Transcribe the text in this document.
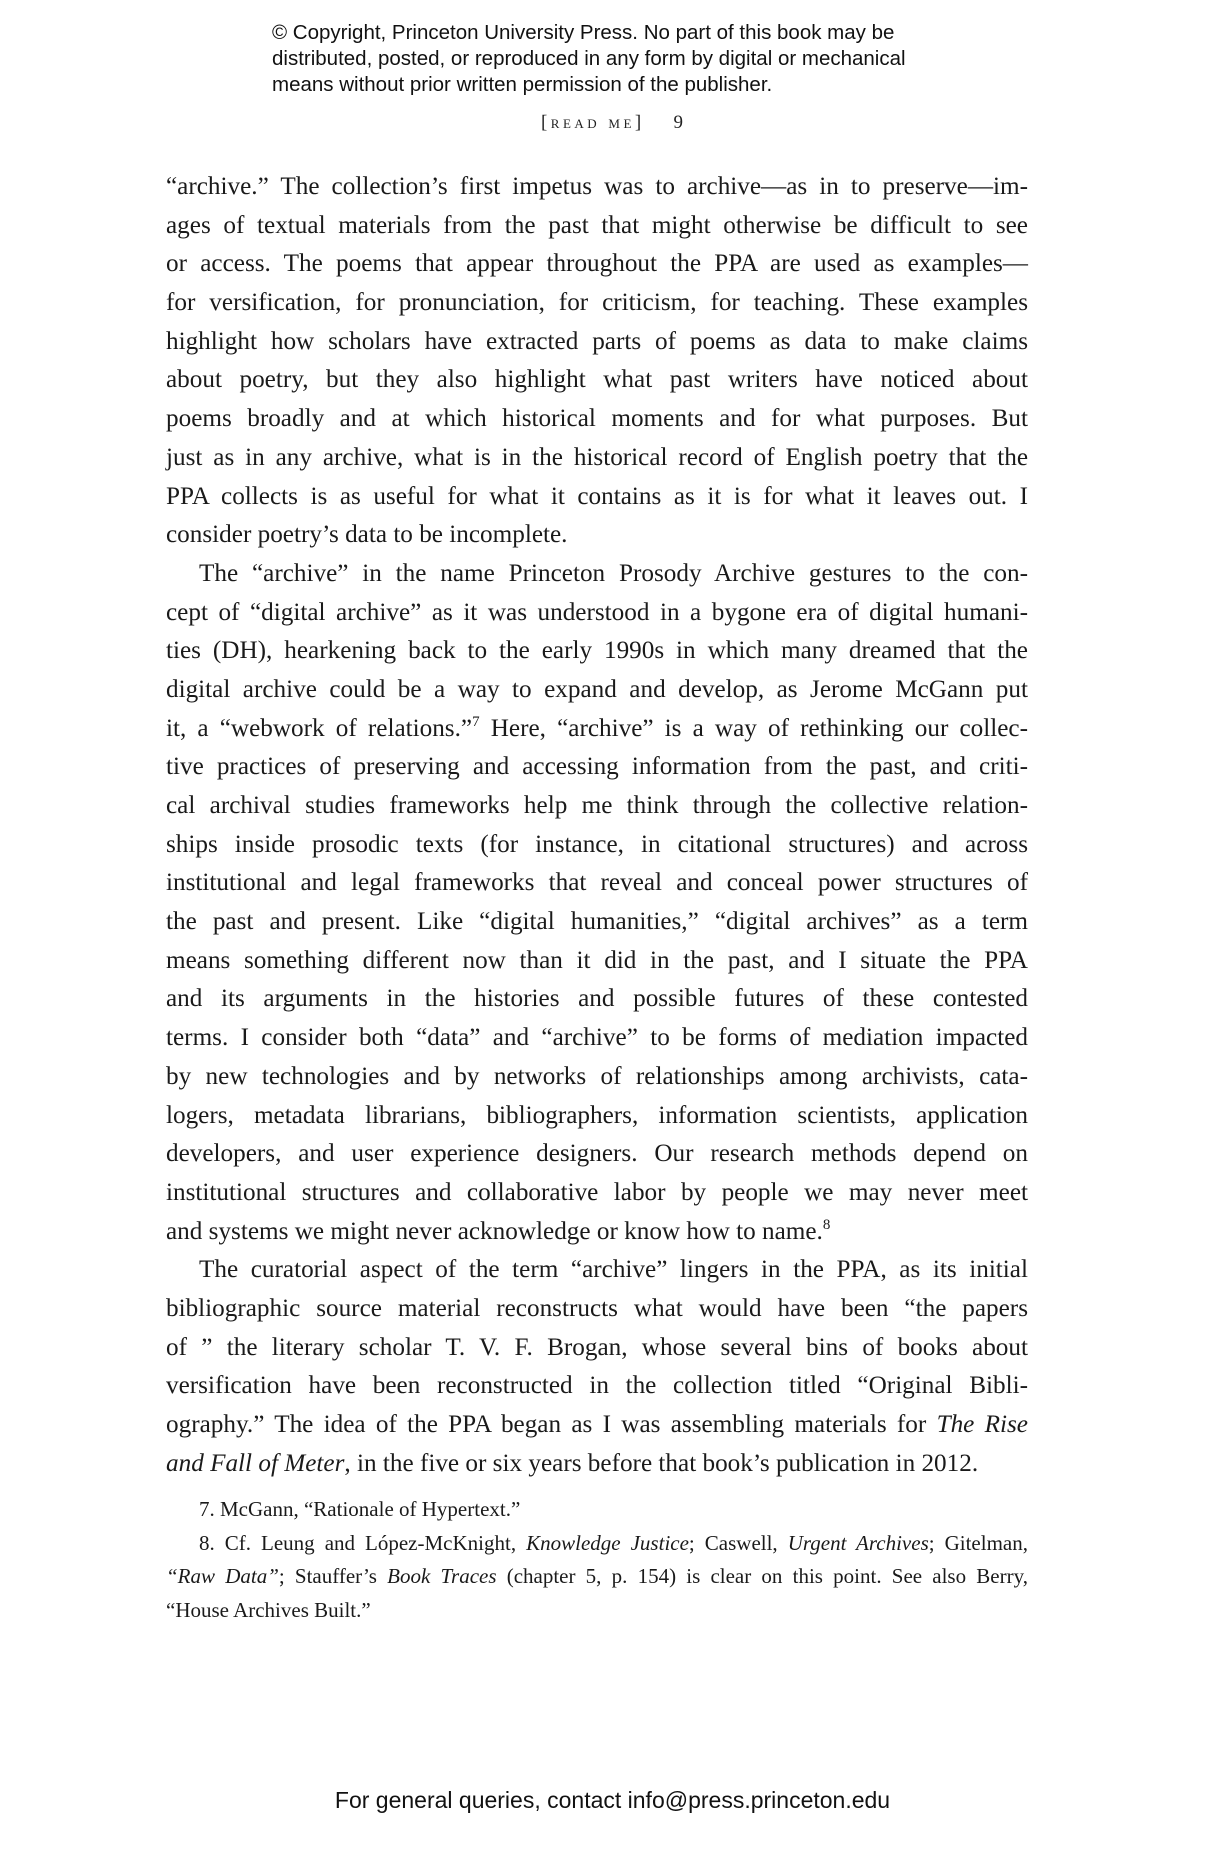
© Copyright, Princeton University Press. No part of this book may be
distributed, posted, or reproduced in any form by digital or mechanical
means without prior written permission of the publisher.
[read me] 9
“archive.” The collection’s first impetus was to archive—as in to preserve—im-
ages of textual materials from the past that might otherwise be difficult to see
or access. The poems that appear throughout the PPA are used as examples—
for versification, for pronunciation, for criticism, for teaching. These examples
highlight how scholars have extracted parts of poems as data to make claims
about poetry, but they also highlight what past writers have noticed about
poems broadly and at which historical moments and for what purposes. But
just as in any archive, what is in the historical record of English poetry that the
PPA collects is as useful for what it contains as it is for what it leaves out. I
consider poetry’s data to be incomplete.
The “archive” in the name Princeton Prosody Archive gestures to the con-
cept of “digital archive” as it was understood in a bygone era of digital humani-
ties (DH), hearkening back to the early 1990s in which many dreamed that the
digital archive could be a way to expand and develop, as Jerome McGann put
it, a “webwork of relations.”$^7$ Here, “archive” is a way of rethinking our collec-
tive practices of preserving and accessing information from the past, and criti-
cal archival studies frameworks help me think through the collective relation-
ships inside prosodic texts (for instance, in citational structures) and across
institutional and legal frameworks that reveal and conceal power structures of
the past and present. Like “digital humanities,” “digital archives” as a term
means something different now than it did in the past, and I situate the PPA
and its arguments in the histories and possible futures of these contested
terms. I consider both “data” and “archive” to be forms of mediation impacted
by new technologies and by networks of relationships among archivists, cata-
logers, metadata librarians, bibliographers, information scientists, application
developers, and user experience designers. Our research methods depend on
institutional structures and collaborative labor by people we may never meet
and systems we might never acknowledge or know how to name.$^8$
The curatorial aspect of the term “archive” lingers in the PPA, as its initial
bibliographic source material reconstructs what would have been “the papers
of ” the literary scholar T. V. F. Brogan, whose several bins of books about
versification have been reconstructed in the collection titled “Original Bibli-
ography.” The idea of the PPA began as I was assembling materials for The Rise
and Fall of Meter, in the five or six years before that book’s publication in 2012.
7. McGann, “Rationale of Hypertext.”
8. Cf. Leung and López-McKnight, Knowledge Justice; Caswell, Urgent Archives; Gitelman,
“Raw Data”; Stauffer’s Book Traces (chapter 5, p. 154) is clear on this point. See also Berry,
“House Archives Built.”
For general queries, contact info@press.princeton.edu
